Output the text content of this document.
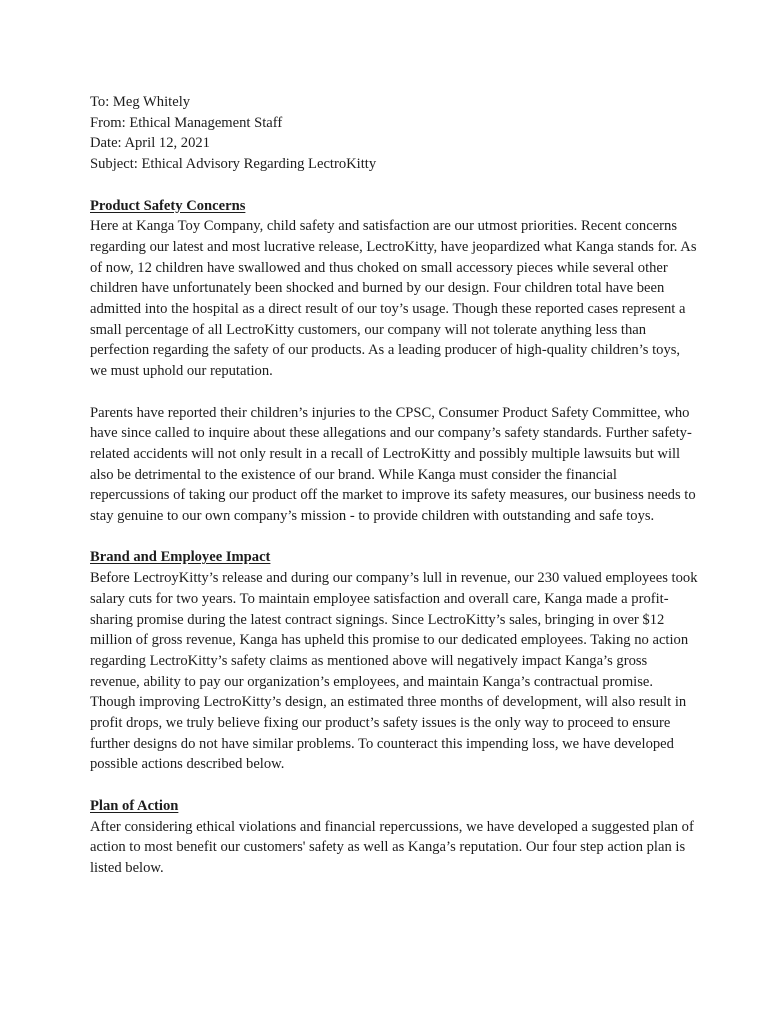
To: Meg Whitely

From: Ethical Management Staff

Date: April 12, 2021

Subject: Ethical Advisory Regarding LectroKitty

Product Safety Concerns

Here at Kanga Toy Company, child safety and satisfaction are our utmost priorities. Recent concerns regarding our latest and most lucrative release, LectroKitty, have jeopardized what Kanga stands for. As of now, 12 children have swallowed and thus choked on small accessory pieces while several other children have unfortunately been shocked and burned by our design. Four children total have been admitted into the hospital as a direct result of our toy’s usage. Though these reported cases represent a small percentage of all LectroKitty customers, our company will not tolerate anything less than perfection regarding the safety of our products. As a leading producer of high-quality children’s toys, we must uphold our reputation.

Parents have reported their children’s injuries to the CPSC, Consumer Product Safety Committee, who have since called to inquire about these allegations and our company’s safety standards. Further safety-related accidents will not only result in a recall of LectroKitty and possibly multiple lawsuits but will also be detrimental to the existence of our brand. While Kanga must consider the financial repercussions of taking our product off the market to improve its safety measures, our business needs to stay genuine to our own company’s mission - to provide children with outstanding and safe toys.

Brand and Employee Impact

Before LectroyKitty’s release and during our company’s lull in revenue, our 230 valued employees took salary cuts for two years. To maintain employee satisfaction and overall care, Kanga made a profit-sharing promise during the latest contract signings. Since LectroKitty’s sales, bringing in over $12 million of gross revenue, Kanga has upheld this promise to our dedicated employees. Taking no action regarding LectroKitty’s safety claims as mentioned above will negatively impact Kanga’s gross revenue, ability to pay our organization’s employees, and maintain Kanga’s contractual promise. Though improving LectroKitty’s design, an estimated three months of development, will also result in profit drops, we truly believe fixing our product’s safety issues is the only way to proceed to ensure further designs do not have similar problems. To counteract this impending loss, we have developed possible actions described below.

Plan of Action

After considering ethical violations and financial repercussions, we have developed a suggested plan of action to most benefit our customers' safety as well as Kanga’s reputation. Our four step action plan is listed below.
